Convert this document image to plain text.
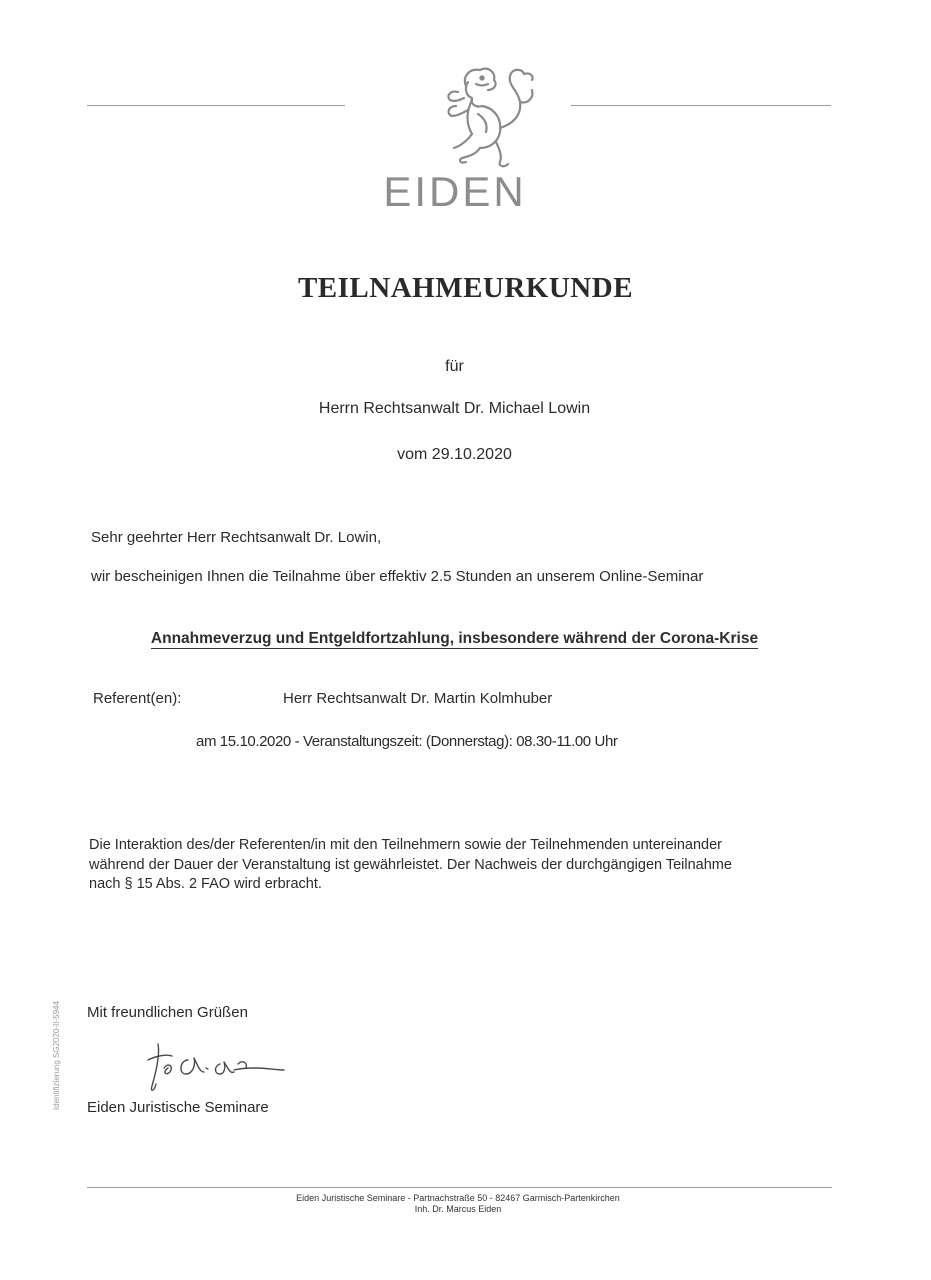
EIDEN
TEILNAHMEURKUNDE
für
Herrn Rechtsanwalt Dr. Michael Lowin
vom 29.10.2020
Sehr geehrter Herr Rechtsanwalt Dr. Lowin,
wir bescheinigen Ihnen die Teilnahme über effektiv 2.5 Stunden an unserem Online-Seminar
Annahmeverzug und Entgeldfortzahlung, insbesondere während der Corona-Krise
Referent(en):	Herr Rechtsanwalt Dr. Martin Kolmhuber
am 15.10.2020 - Veranstaltungszeit: (Donnerstag): 08.30-11.00 Uhr
Die Interaktion des/der Referenten/in mit den Teilnehmern sowie der Teilnehmenden untereinander
während der Dauer der Veranstaltung ist gewährleistet. Der Nachweis der durchgängigen Teilnahme
nach § 15 Abs. 2 FAO wird erbracht.
Identifizierung SG2020-II-5944 Mit freundlichen Grüßen
Eiden Juristische Seminare
Eiden Juristische Seminare - Partnachstraße 50 - 82467 Garmisch-Partenkirchen
Inh. Dr. Marcus Eiden
